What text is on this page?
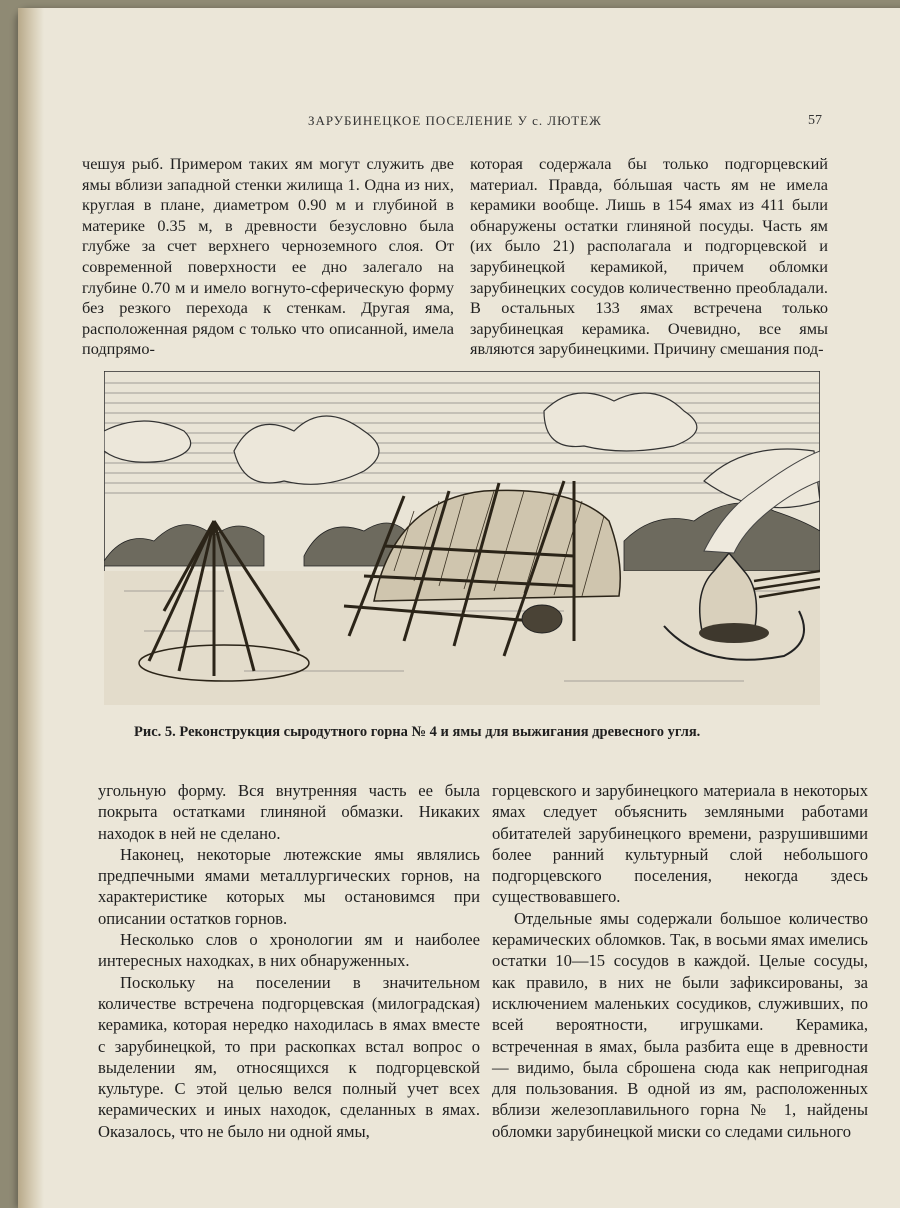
ЗАРУБИНЕЦКОЕ ПОСЕЛЕНИЕ У с. ЛЮТЕЖ	57

чешуя рыб. Примером таких ям могут служить две ямы вблизи западной стенки жилища 1. Одна из них, круглая в плане, диаметром 0.90 м и глубиной в материке 0.35 м, в древности безусловно была глубже за счет верхнего черноземного слоя. От современной поверхности ее дно залегало на глубине 0.70 м и имело вогнуто-сферическую форму без резкого перехода к стенкам. Другая яма, расположенная рядом с только что описанной, имела подпрямо-

которая содержала бы только подгорцевский материал. Правда, бóльшая часть ям не имела керамики вообще. Лишь в 154 ямах из 411 были обнаружены остатки глиняной посуды. Часть ям (их было 21) располагала и подгорцевской и зарубинецкой керамикой, причем обломки зарубинецких сосудов количественно преобладали. В остальных 133 ямах встречена только зарубинецкая керамика. Очевидно, все ямы являются зарубинецкими. Причину смешания под-

Рис. 5. Реконструкция сыродутного горна № 4 и ямы для выжигания древесного угля.

угольную форму. Вся внутренняя часть ее была покрыта остатками глиняной обмазки. Никаких находок в ней не сделано.

Наконец, некоторые лютежские ямы являлись предпечными ямами металлургических горнов, на характеристике которых мы остановимся при описании остатков горнов.

Несколько слов о хронологии ям и наиболее интересных находках, в них обнаруженных.

Поскольку на поселении в значительном количестве встречена подгорцевская (милоградская) керамика, которая нередко находилась в ямах вместе с зарубинецкой, то при раскопках встал вопрос о выделении ям, относящихся к подгорцевской культуре. С этой целью велся полный учет всех керамических и иных находок, сделанных в ямах. Оказалось, что не было ни одной ямы,

горцевского и зарубинецкого материала в некоторых ямах следует объяснить земляными работами обитателей зарубинецкого времени, разрушившими более ранний культурный слой небольшого подгорцевского поселения, некогда здесь существовавшего.

Отдельные ямы содержали большое количество керамических обломков. Так, в восьми ямах имелись остатки 10—15 сосудов в каждой. Целые сосуды, как правило, в них не были зафиксированы, за исключением маленьких сосудиков, служивших, по всей вероятности, игрушками. Керамика, встреченная в ямах, была разбита еще в древности — видимо, была сброшена сюда как непригодная для пользования. В одной из ям, расположенных вблизи железоплавильного горна № 1, найдены обломки зарубинецкой миски со следами сильного
